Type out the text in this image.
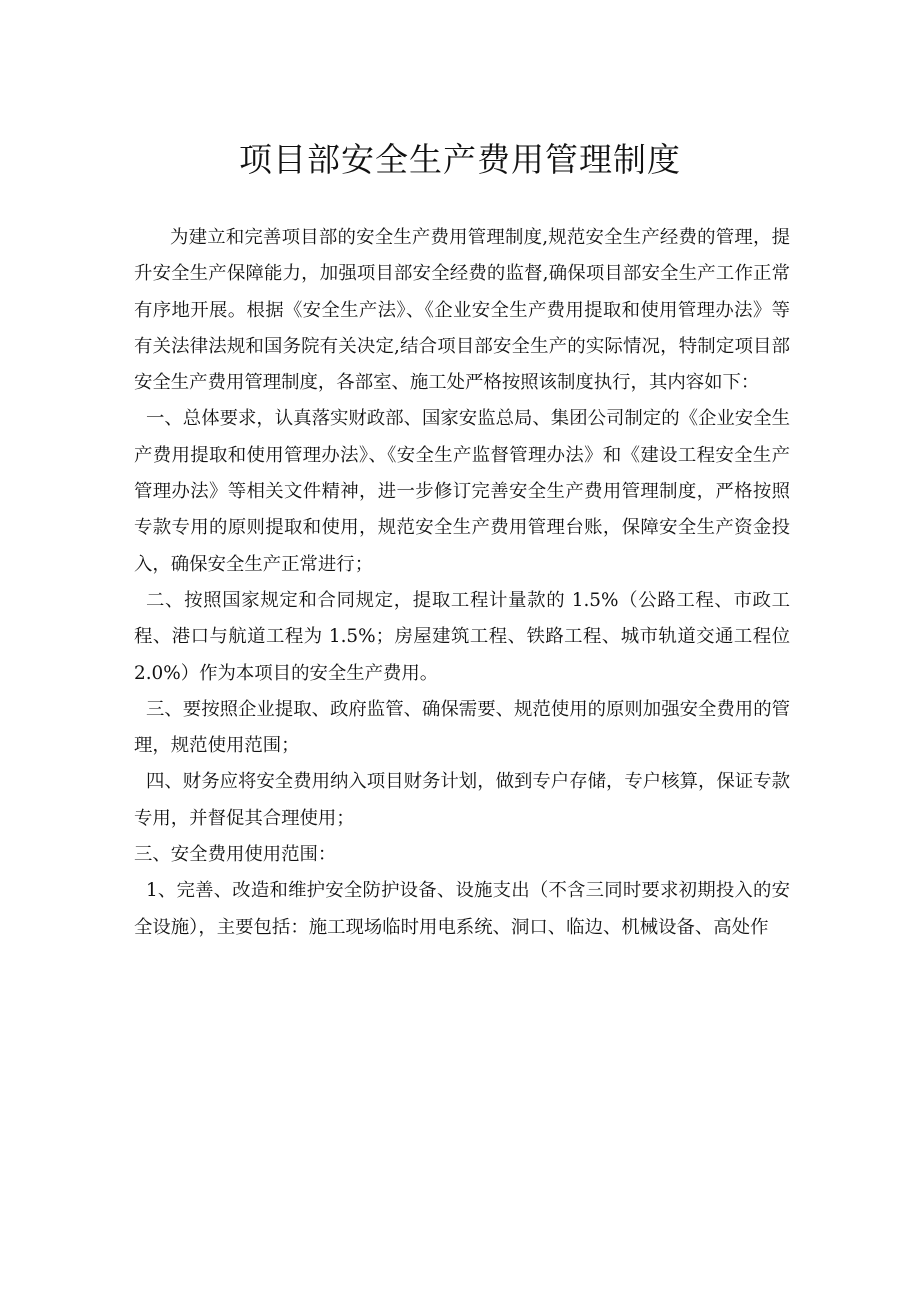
项目部安全生产费用管理制度

为建立和完善项目部的安全生产费用管理制度,规范安全生产经费的管理，提升安全生产保障能力，加强项目部安全经费的监督,确保项目部安全生产工作正常有序地开展。根据《安全生产法》、《企业安全生产费用提取和使用管理办法》等有关法律法规和国务院有关决定,结合项目部安全生产的实际情况，特制定项目部安全生产费用管理制度，各部室、施工处严格按照该制度执行，其内容如下：

一、总体要求，认真落实财政部、国家安监总局、集团公司制定的《企业安全生产费用提取和使用管理办法》、《安全生产监督管理办法》和《建设工程安全生产管理办法》等相关文件精神，进一步修订完善安全生产费用管理制度，严格按照专款专用的原则提取和使用，规范安全生产费用管理台账，保障安全生产资金投入，确保安全生产正常进行；

二、按照国家规定和合同规定，提取工程计量款的 1.5%（公路工程、市政工程、港口与航道工程为 1.5%；房屋建筑工程、铁路工程、城市轨道交通工程位 2.0%）作为本项目的安全生产费用。

三、要按照企业提取、政府监管、确保需要、规范使用的原则加强安全费用的管理，规范使用范围；

四、财务应将安全费用纳入项目财务计划，做到专户存储，专户核算，保证专款专用，并督促其合理使用；

三、安全费用使用范围：

1、完善、改造和维护安全防护设备、设施支出（不含三同时要求初期投入的安全设施），主要包括：施工现场临时用电系统、洞口、临边、机械设备、高处作
